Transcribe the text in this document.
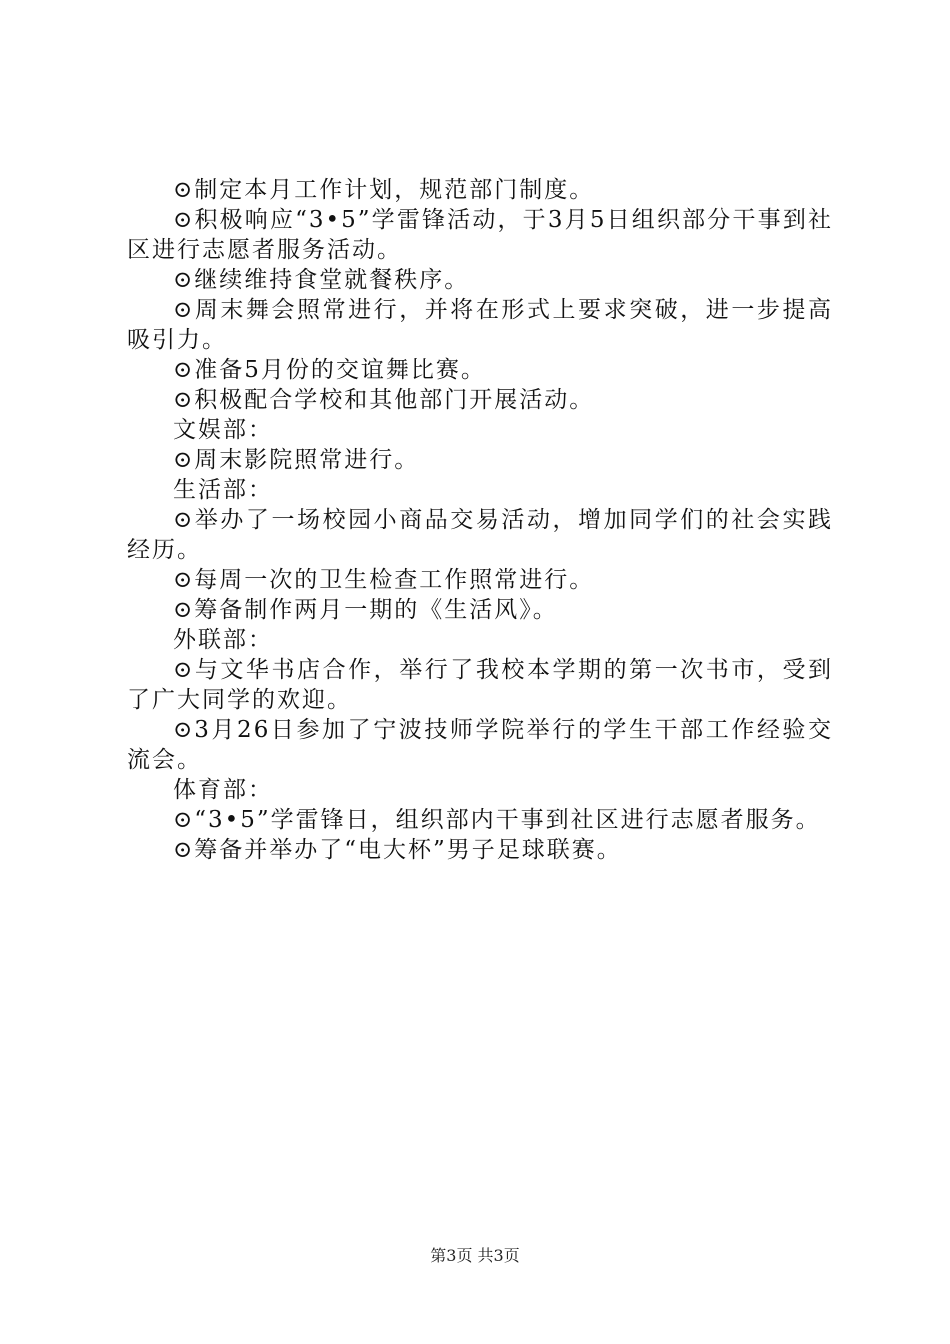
⊙制定本月工作计划，规范部门制度。

⊙积极响应“3•5”学雷锋活动，于3月5日组织部分干事到社区进行志愿者服务活动。

⊙继续维持食堂就餐秩序。

⊙周末舞会照常进行，并将在形式上要求突破，进一步提高吸引力。

⊙准备5月份的交谊舞比赛。

⊙积极配合学校和其他部门开展活动。

文娱部：

⊙周末影院照常进行。

生活部：

⊙举办了一场校园小商品交易活动，增加同学们的社会实践经历。

⊙每周一次的卫生检查工作照常进行。

⊙筹备制作两月一期的《生活风》。

外联部：

⊙与文华书店合作，举行了我校本学期的第一次书市，受到了广大同学的欢迎。

⊙3月26日参加了宁波技师学院举行的学生干部工作经验交流会。

体育部：

⊙“3•5”学雷锋日，组织部内干事到社区进行志愿者服务。

⊙筹备并举办了“电大杯”男子足球联赛。

第3页 共3页
